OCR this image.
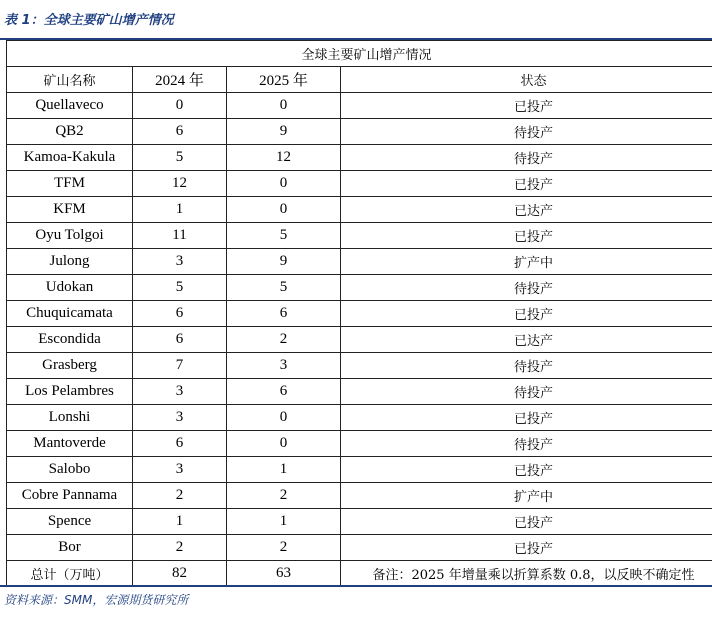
表 1：全球主要矿山增产情况
全球主要矿山增产情况			
矿山名称	2024 年	2025 年	状态
Quellaveco	0	0	已投产
QB2	6	9	待投产
Kamoa-Kakula	5	12	待投产
TFM	12	0	已投产
KFM	1	0	已达产
Oyu Tolgoi	11	5	已投产
Julong	3	9	扩产中
Udokan	5	5	待投产
Chuquicamata	6	6	已投产
Escondida	6	2	已达产
Grasberg	7	3	待投产
Los Pelambres	3	6	待投产
Lonshi	3	0	已投产
Mantoverde	6	0	待投产
Salobo	3	1	已投产
Cobre Pannama	2	2	扩产中
Spence	1	1	已投产
Bor	2	2	已投产
总计（万吨）	82	63	备注：2025 年增量乘以折算系数 0.8，以反映不确定性
资料来源：SMM，宏源期货研究所
